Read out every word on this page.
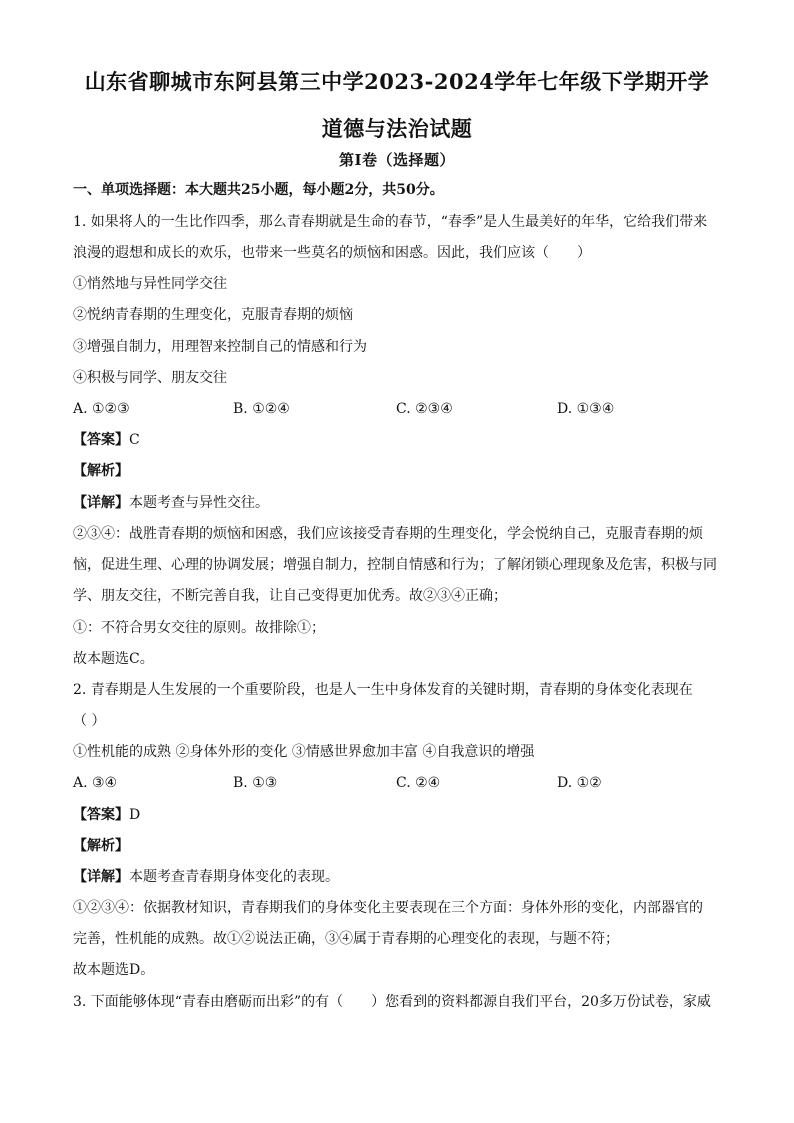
山东省聊城市东阿县第三中学2023-2024学年七年级下学期开学
道德与法治试题
第I卷（选择题）
一、单项选择题：本大题共25小题，每小题2分，共50分。
1. 如果将人的一生比作四季，那么青春期就是生命的春节，“春季”是人生最美好的年华，它给我们带来
浪漫的遐想和成长的欢乐，也带来一些莫名的烦恼和困惑。因此，我们应该（　　）
①悄然地与异性同学交往
②悦纳青春期的生理变化，克服青春期的烦恼
③增强自制力，用理智来控制自己的情感和行为
④积极与同学、朋友交往
A. ①②③	B. ①②④	C. ②③④	D. ①③④
【答案】C
【解析】
【详解】本题考查与异性交往。
②③④：战胜青春期的烦恼和困惑，我们应该接受青春期的生理变化，学会悦纳自己，克服青春期的烦
恼，促进生理、心理的协调发展；增强自制力，控制自情感和行为；了解闭锁心理现象及危害，积极与同
学、朋友交往，不断完善自我，让自己变得更加优秀。故②③④正确；
①：不符合男女交往的原则。故排除①；
故本题选C。
2. 青春期是人生发展的一个重要阶段，也是人一生中身体发育的关键时期，青春期的身体变化表现在
（ ）
①性机能的成熟 ②身体外形的变化 ③情感世界愈加丰富 ④自我意识的增强
A. ③④	B. ①③	C. ②④	D. ①②
【答案】D
【解析】
【详解】本题考查青春期身体变化的表现。
①②③④：依据教材知识，青春期我们的身体变化主要表现在三个方面：身体外形的变化，内部器官的
完善，性机能的成熟。故①②说法正确，③④属于青春期的心理变化的表现，与题不符；
故本题选D。
3. 下面能够体现“青春由磨砺而出彩”的有（　　）您看到的资料都源自我们平台，20多万份试卷，家威
